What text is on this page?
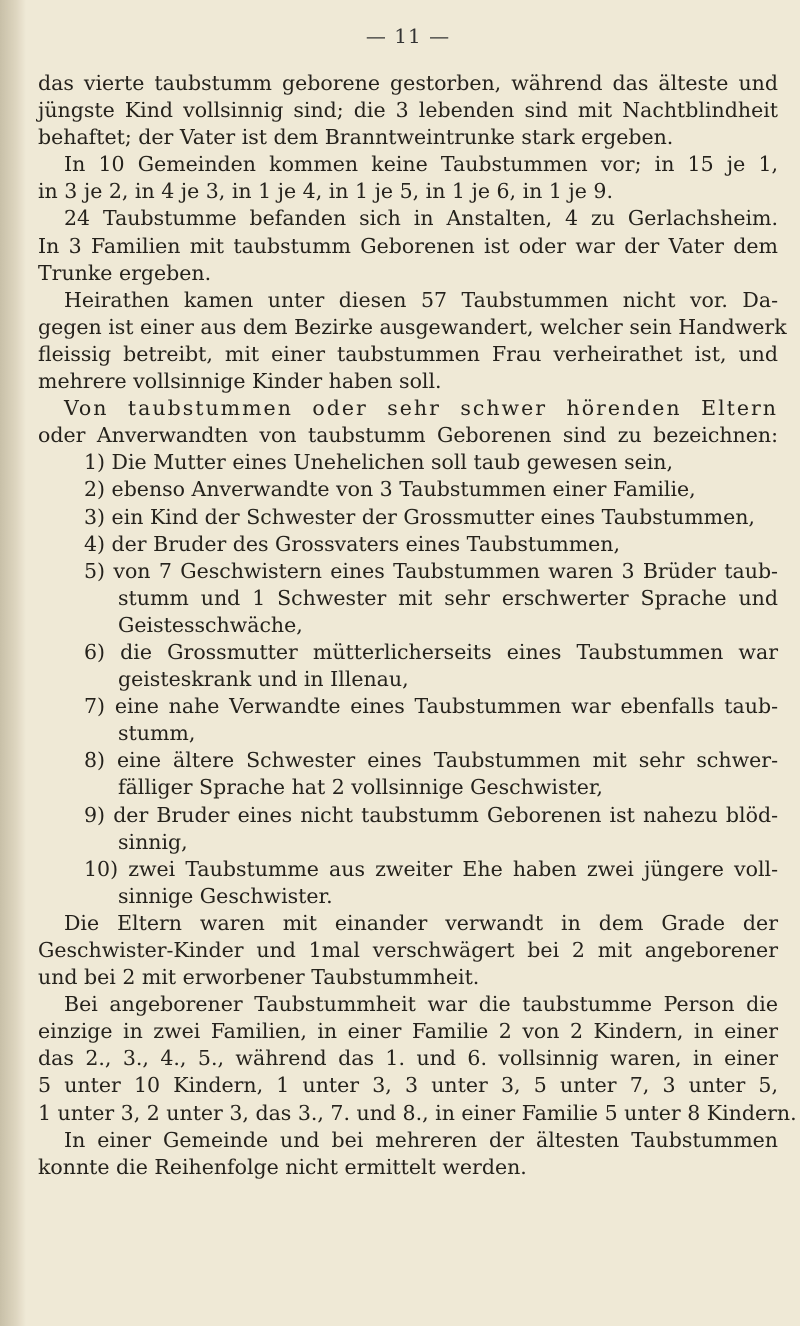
— 11 —
das vierte taubstumm geborene gestorben, während das älteste und
jüngste Kind vollsinnig sind; die 3 lebenden sind mit Nachtblindheit
behaftet; der Vater ist dem Branntweintrunke stark ergeben.
In 10 Gemeinden kommen keine Taubstummen vor; in 15 je 1,
in 3 je 2, in 4 je 3, in 1 je 4, in 1 je 5, in 1 je 6, in 1 je 9.
24 Taubstumme befanden sich in Anstalten, 4 zu Gerlachsheim.
In 3 Familien mit taubstumm Geborenen ist oder war der Vater dem
Trunke ergeben.
Heirathen kamen unter diesen 57 Taubstummen nicht vor. Da-
gegen ist einer aus dem Bezirke ausgewandert, welcher sein Handwerk
fleissig betreibt, mit einer taubstummen Frau verheirathet ist, und
mehrere vollsinnige Kinder haben soll.
Von taubstummen oder sehr schwer hörenden Eltern
oder Anverwandten von taubstumm Geborenen sind zu bezeichnen:
1) Die Mutter eines Unehelichen soll taub gewesen sein,
2) ebenso Anverwandte von 3 Taubstummen einer Familie,
3) ein Kind der Schwester der Grossmutter eines Taubstummen,
4) der Bruder des Grossvaters eines Taubstummen,
5) von 7 Geschwistern eines Taubstummen waren 3 Brüder taub-
stumm und 1 Schwester mit sehr erschwerter Sprache und
Geistesschwäche,
6) die Grossmutter mütterlicherseits eines Taubstummen war
geisteskrank und in Illenau,
7) eine nahe Verwandte eines Taubstummen war ebenfalls taub-
stumm,
8) eine ältere Schwester eines Taubstummen mit sehr schwer-
fälliger Sprache hat 2 vollsinnige Geschwister,
9) der Bruder eines nicht taubstumm Geborenen ist nahezu blöd-
sinnig,
10) zwei Taubstumme aus zweiter Ehe haben zwei jüngere voll-
sinnige Geschwister.
Die Eltern waren mit einander verwandt in dem Grade der
Geschwister-Kinder und 1mal verschwägert bei 2 mit angeborener
und bei 2 mit erworbener Taubstummheit.
Bei angeborener Taubstummheit war die taubstumme Person die
einzige in zwei Familien, in einer Familie 2 von 2 Kindern, in einer
das 2., 3., 4., 5., während das 1. und 6. vollsinnig waren, in einer
5 unter 10 Kindern, 1 unter 3, 3 unter 3, 5 unter 7, 3 unter 5,
1 unter 3, 2 unter 3, das 3., 7. und 8., in einer Familie 5 unter 8 Kindern.
In einer Gemeinde und bei mehreren der ältesten Taubstummen
konnte die Reihenfolge nicht ermittelt werden.
